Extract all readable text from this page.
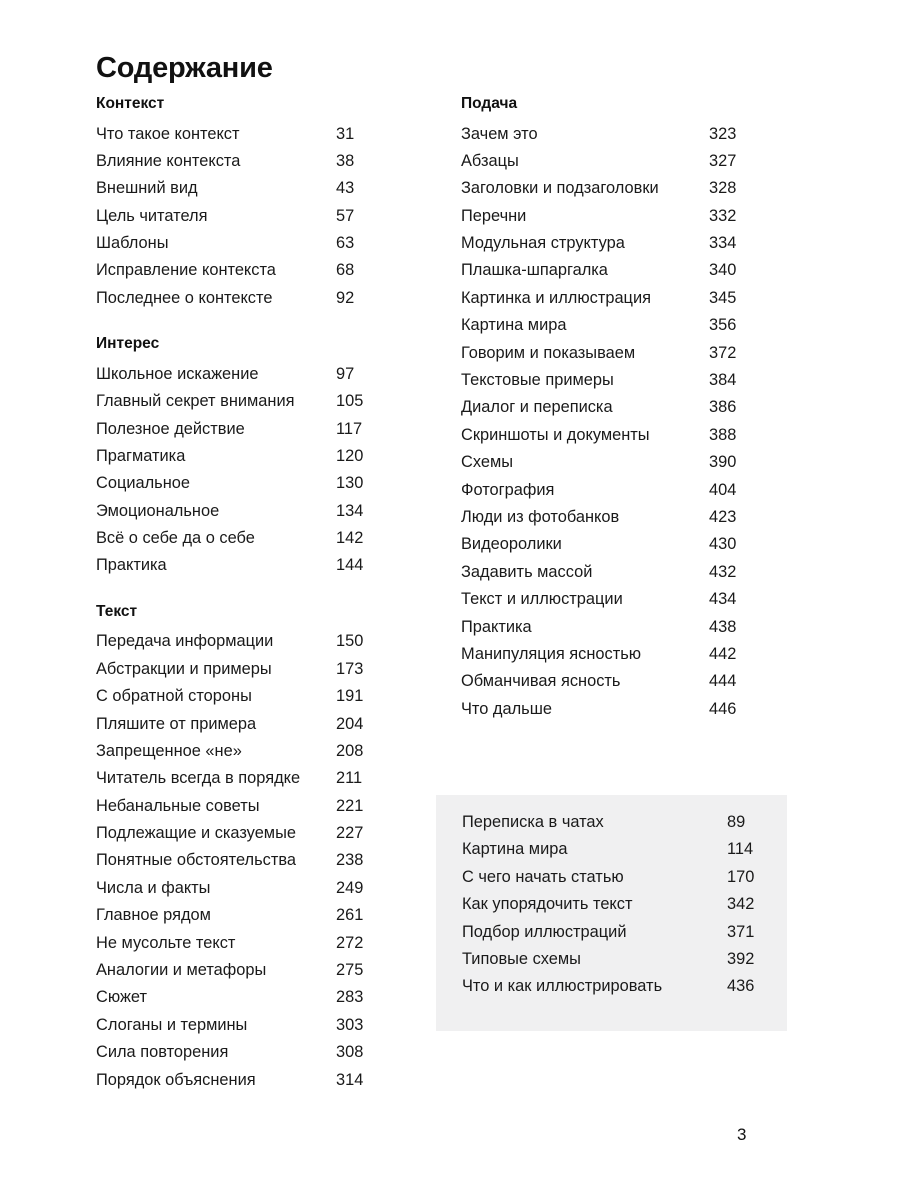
Содержание
Контекст
Что такое контекст	31
Влияние контекста	38
Внешний вид	43
Цель читателя	57
Шаблоны	63
Исправление контекста	68
Последнее о контексте	92
Интерес
Школьное искажение	97
Главный секрет внимания	105
Полезное действие	117
Прагматика	120
Социальное	130
Эмоциональное	134
Всё о себе да о себе	142
Практика	144
Текст
Передача информации	150
Абстракции и примеры	173
С обратной стороны	191
Пляшите от примера	204
Запрещенное «не»	208
Читатель всегда в порядке	211
Небанальные советы	221
Подлежащие и сказуемые	227
Понятные обстоятельства	238
Числа и факты	249
Главное рядом	261
Не мусольте текст	272
Аналогии и метафоры	275
Сюжет	283
Слоганы и термины	303
Сила повторения	308
Порядок объяснения	314
Подача
Зачем это	323
Абзацы	327
Заголовки и подзаголовки	328
Перечни	332
Модульная структура	334
Плашка-шпаргалка	340
Картинка и иллюстрация	345
Картина мира	356
Говорим и показываем	372
Текстовые примеры	384
Диалог и переписка	386
Скриншоты и документы	388
Схемы	390
Фотография	404
Люди из фотобанков	423
Видеоролики	430
Задавить массой	432
Текст и иллюстрации	434
Практика	438
Манипуляция ясностью	442
Обманчивая ясность	444
Что дальше	446
Переписка в чатах	89
Картина мира	114
С чего начать статью	170
Как упорядочить текст	342
Подбор иллюстраций	371
Типовые схемы	392
Что и как иллюстрировать	436
3
